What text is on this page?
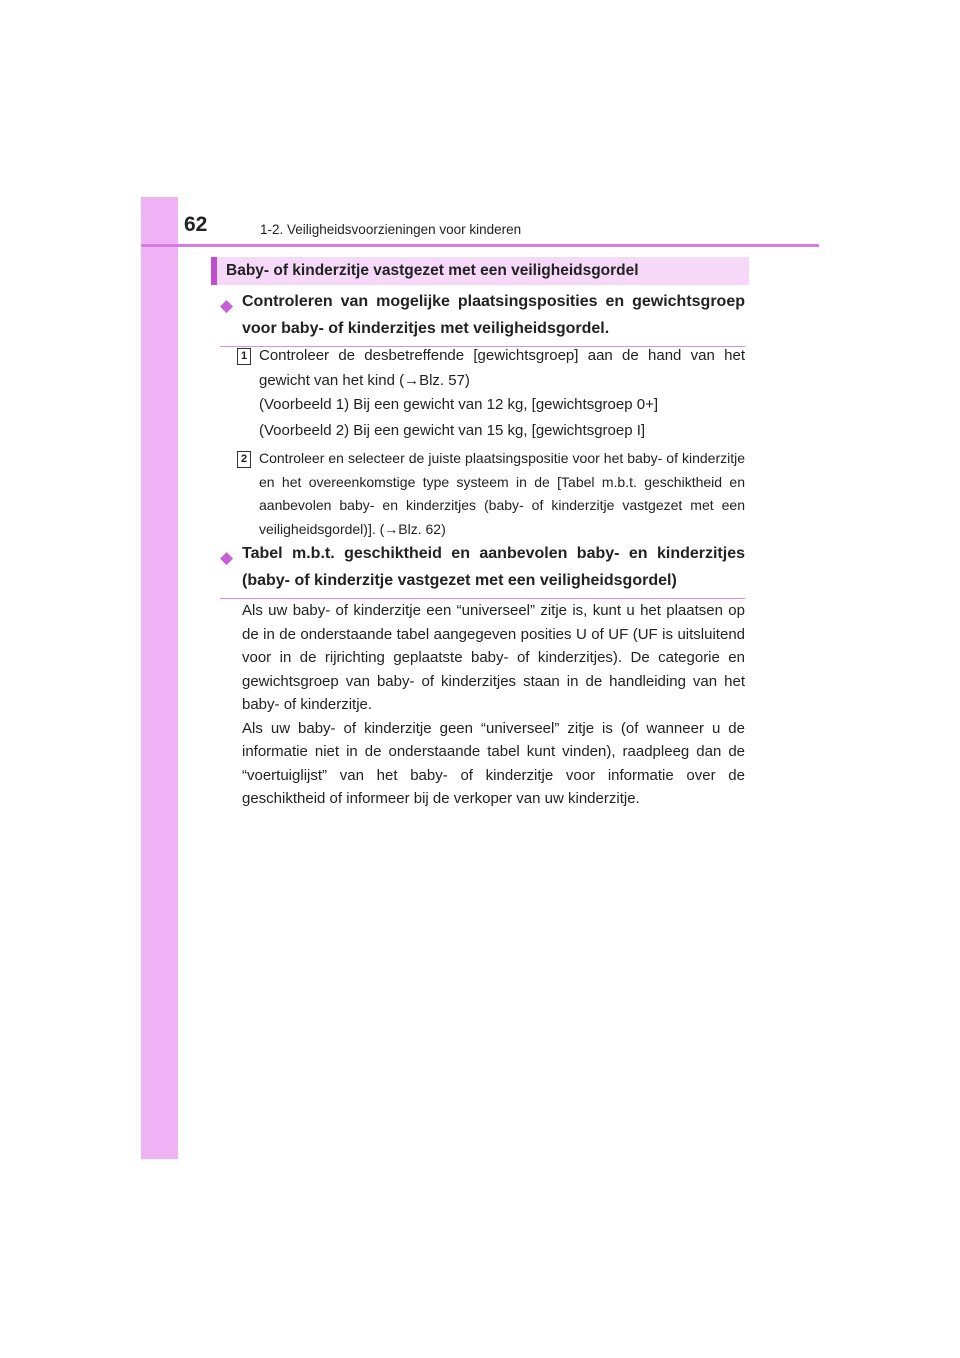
62	1-2. Veiligheidsvoorzieningen voor kinderen
Baby- of kinderzitje vastgezet met een veiligheidsgordel
◆ Controleren van mogelijke plaatsingsposities en gewichtsgroep voor baby- of kinderzitjes met veiligheidsgordel.
1 Controleer de desbetreffende [gewichtsgroep] aan de hand van het gewicht van het kind (→Blz. 57)
(Voorbeeld 1) Bij een gewicht van 12 kg, [gewichtsgroep 0+]
(Voorbeeld 2) Bij een gewicht van 15 kg, [gewichtsgroep I]
2 Controleer en selecteer de juiste plaatsingspositie voor het baby- of kinderzitje en het overeenkomstige type systeem in de [Tabel m.b.t. geschiktheid en aanbevolen baby- en kinderzitjes (baby- of kinderzitje vastgezet met een veiligheidsgordel)]. (→Blz. 62)
◆ Tabel m.b.t. geschiktheid en aanbevolen baby- en kinderzitjes (baby- of kinderzitje vastgezet met een veiligheidsgordel)

Als uw baby- of kinderzitje een “universeel” zitje is, kunt u het plaatsen op de in de onderstaande tabel aangegeven posities U of UF (UF is uitsluitend voor in de rijrichting geplaatste baby- of kinderzitjes). De categorie en gewichtsgroep van baby- of kinderzitjes staan in de handleiding van het baby- of kinderzitje.

Als uw baby- of kinderzitje geen “universeel” zitje is (of wanneer u de informatie niet in de onderstaande tabel kunt vinden), raadpleeg dan de “voertuiglijst” van het baby- of kinderzitje voor informatie over de geschiktheid of informeer bij de verkoper van uw kinderzitje.
